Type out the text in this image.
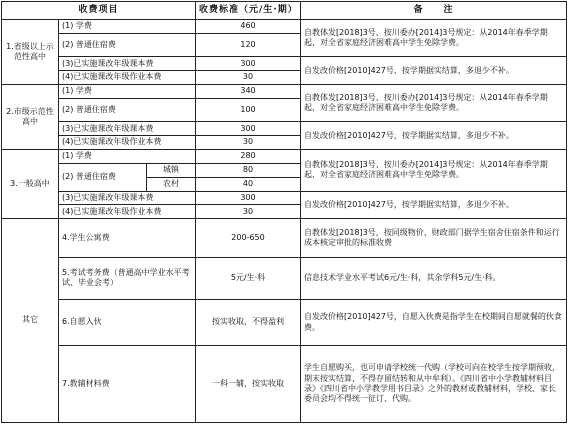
收费项目			收费标准（元/生·期）	备　　注
1.省级以上示范性高中	(1) 学费		460	自教体发[2018]3号、按川委办[2014]3号规定：从2014年春季学期起，对全省家庭经济困难高中学生免除学费。
	(2) 普通住宿费		120	
	(3)已实施课改年级课本费		300	自发改价格[2010]427号，按学期据实结算，多退少不补。
	(4)已实施课改年级作业本费		30	
2.市级示范性高中	(1) 学费		340	自教体发[2018]3号、按川委办[2014]3号规定：从2014年春季学期起，对全省家庭经济困难高中学生免除学费。
	(2) 普通住宿费		100	
	(3)已实施课改年级课本费		300	自发改价格[2010]427号，按学期据实结算，多退少不补。
	(4)已实施课改年级作业本费		30	
3.一般高中	(1) 学费		280	自教体发[2018]3号、按川委办[2014]3号规定：从2014年春季学期起，对全省家庭经济困难高中学生免除学费。
	(2) 普通住宿费	城镇	80	
		农村	40	
	(3)已实施课改年级课本费		300	自发改价格[2010]427号，按学期据实结算，多退少不补。
	(4)已实施课改年级作业本费		30	
其它	4.学生公寓费		200-650	自教体发[2018]3号，按同级物价、财政部门据学生宿舍住宿条件和运行成本核定审批的标准收费
	5.考试考务费（普通高中学业水平考试、毕业会考）		5元/生·科	信息技术学业水平考试6元/生·科，其余学科5元/生·科。
	6.自愿入伙		按实收取，不得盈利	自发改价格[2010]427号，自愿入伙费是指学生在校期间自愿就餐的伙食费。
	7.教辅材料费		一科一辅，按实收取	学生自愿购买，也可申请学校统一代购（学校可向在校学生按学期预收，期末按实结算，不得存留结转和从中牟利）。《四川省中小学教辅材料目录》《四川省中小学教学用书目录》之外的教材或教辅材料，学校、家长委员会均不得统一征订、代购。
